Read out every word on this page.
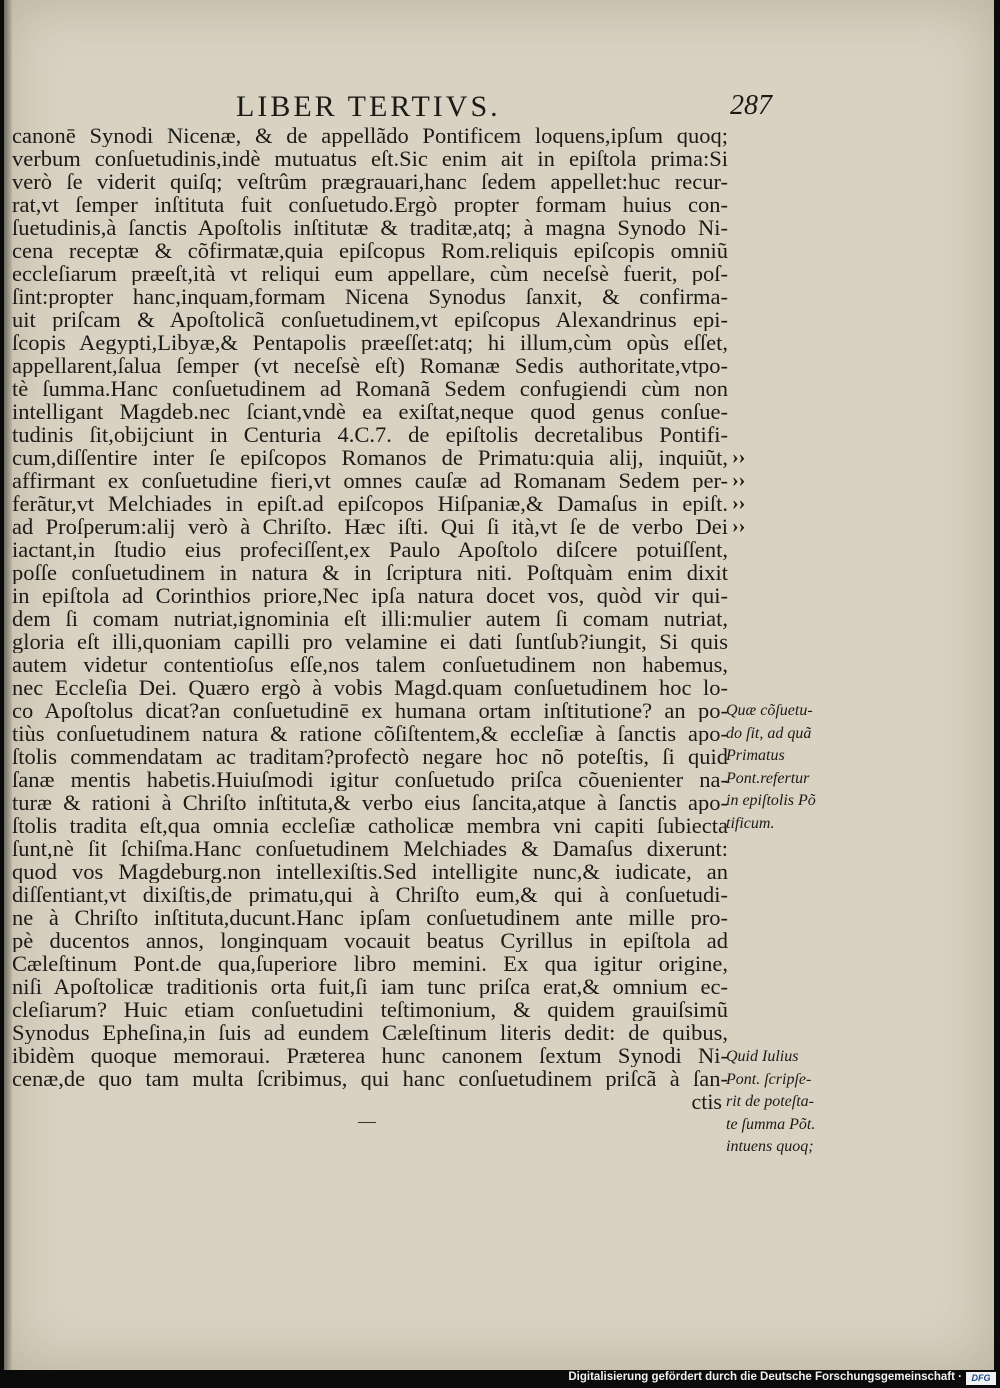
LIBER TERTIVS.	287
canonē Synodi Nicenæ, & de appellãdo Pontificem loquens,ipſum quoq;
verbum conſuetudinis,indè mutuatus eſt.Sic enim ait in epiſtola prima:Si
verò ſe viderit quiſq; veſtrûm prægrauari,hanc ſedem appellet:huc recur-
rat,vt ſemper inſtituta fuit conſuetudo.Ergò propter formam huius con-
ſuetudinis,à ſanctis Apoſtolis inſtitutæ & traditæ,atq; à magna Synodo Ni-
cena receptæ & cõfirmatæ,quia epiſcopus Rom.reliquis epiſcopis omniũ
eccleſiarum præeſt,ità vt reliqui eum appellare, cùm neceſsè fuerit, poſ-
ſint:propter hanc,inquam,formam Nicena Synodus ſanxit, & confirma-
uit priſcam & Apoſtolicã conſuetudinem,vt epiſcopus Alexandrinus epi-
ſcopis Aegypti,Libyæ,& Pentapolis præeſſet:atq; hi illum,cùm opùs eſſet,
appellarent,ſalua ſemper (vt neceſsè eſt) Romanæ Sedis authoritate,vtpo-
tè ſumma.Hanc conſuetudinem ad Romanã Sedem confugiendi cùm non
intelligant Magdeb.nec ſciant,vndè ea exiſtat,neque quod genus conſue-
tudinis ſit,obijciunt in Centuria 4.C.7. de epiſtolis decretalibus Pontifi-
cum,diſſentire inter ſe epiſcopos Romanos de Primatu:quia alij, inquiũt,
affirmant ex conſuetudine fieri,vt omnes cauſæ ad Romanam Sedem per-
ferãtur,vt Melchiades in epiſt.ad epiſcopos Hiſpaniæ,& Damaſus in epiſt.
ad Proſperum:alij verò à Chriſto. Hæc iſti. Qui ſi ità,vt ſe de verbo Dei
iactant,in ſtudio eius profeciſſent,ex Paulo Apoſtolo diſcere potuiſſent,
poſſe conſuetudinem in natura & in ſcriptura niti. Poſtquàm enim dixit
in epiſtola ad Corinthios priore,Nec ipſa natura docet vos, quòd vir qui-
dem ſi comam nutriat,ignominia eſt illi:mulier autem ſi comam nutriat,
gloria eſt illi,quoniam capilli pro velamine ei dati ſuntſub?iungit, Si quis
autem videtur contentioſus eſſe,nos talem conſuetudinem non habemus,
nec Eccleſia Dei. Quæro ergò à vobis Magd.quam conſuetudinem hoc lo-
co Apoſtolus dicat?an conſuetudinē ex humana ortam inſtitutione? an po-
tiùs conſuetudinem natura & ratione cõſiſtentem,& eccleſiæ à ſanctis apo-
ſtolis commendatam ac traditam?profectò negare hoc nõ poteſtis, ſi quid
ſanæ mentis habetis.Huiuſmodi igitur conſuetudo priſca cõuenienter na-
turæ & rationi à Chriſto inſtituta,& verbo eius ſancita,atque à ſanctis apo-
ſtolis tradita eſt,qua omnia eccleſiæ catholicæ membra vni capiti ſubiecta
ſunt,nè ſit ſchiſma.Hanc conſuetudinem Melchiades & Damaſus dixerunt:
quod vos Magdeburg.non intellexiſtis.Sed intelligite nunc,& iudicate, an
diſſentiant,vt dixiſtis,de primatu,qui à Chriſto eum,& qui à conſuetudi-
ne à Chriſto inſtituta,ducunt.Hanc ipſam conſuetudinem ante mille pro-
pè ducentos annos, longinquam vocauit beatus Cyrillus in epiſtola ad
Cæleſtinum Pont.de qua,ſuperiore libro memini. Ex qua igitur origine,
niſi Apoſtolicæ traditionis orta fuit,ſi iam tunc priſca erat,& omnium ec-
cleſiarum? Huic etiam conſuetudini teſtimonium, & quidem grauiſsimũ
Synodus Epheſina,in ſuis ad eundem Cæleſtinum literis dedit: de quibus,
ibidèm quoque memoraui. Præterea hunc canonem ſextum Synodi Ni-
cenæ,de quo tam multa ſcribimus, qui hanc conſuetudinem priſcã à ſan-
ctis
—
››
››
››
››
Quæ cõſuetu-
do ſit, ad quã
Primatus
Pont.refertur
in epiſtolis Põ
tificum.
Quid Iulius
Pont. ſcripſe-
rit de poteſta-
te ſumma Põt.
intuens quoq;
Digitalisierung gefördert durch die Deutsche Forschungsgemeinschaft ·	DFG
